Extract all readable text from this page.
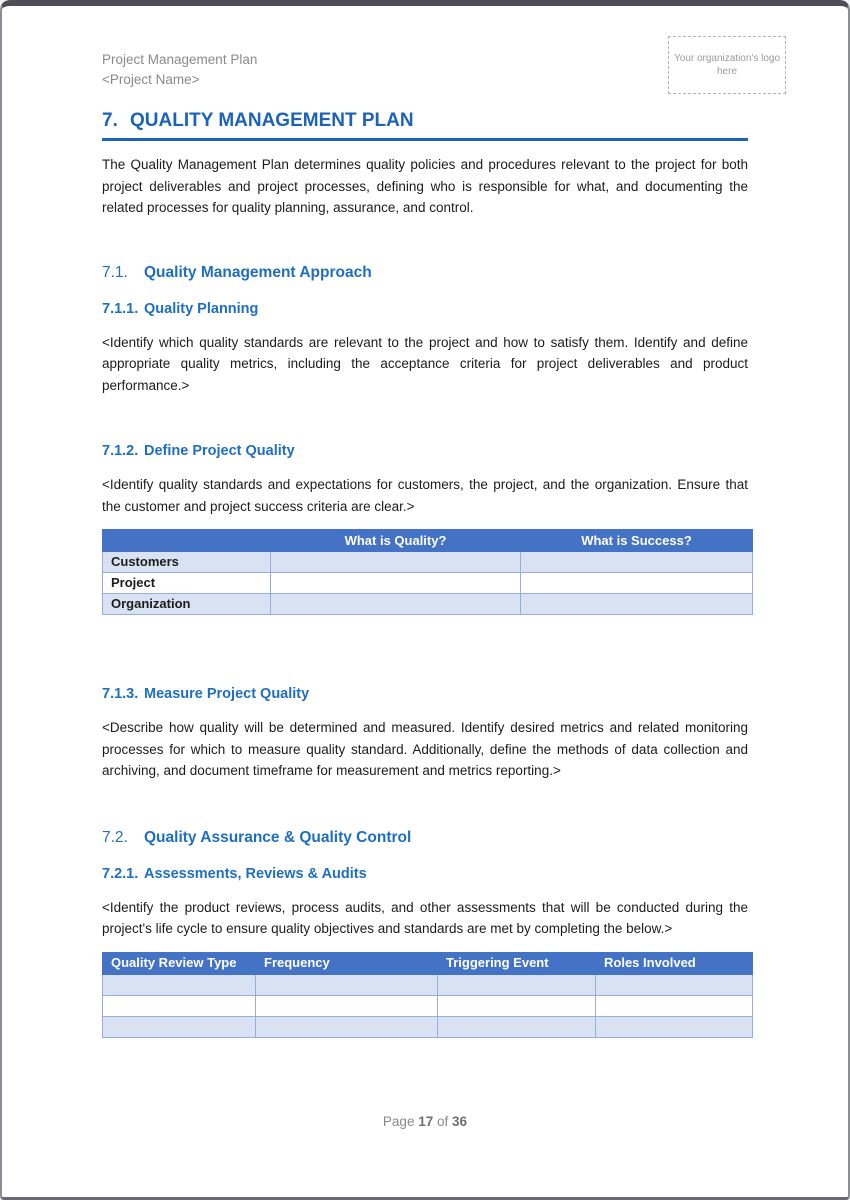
Project Management Plan
<Project Name>
Your organization's logo here
7. QUALITY MANAGEMENT PLAN
The Quality Management Plan determines quality policies and procedures relevant to the project for both project deliverables and project processes, defining who is responsible for what, and documenting the related processes for quality planning, assurance, and control.
7.1. Quality Management Approach
7.1.1. Quality Planning
<Identify which quality standards are relevant to the project and how to satisfy them. Identify and define appropriate quality metrics, including the acceptance criteria for project deliverables and product performance.>
7.1.2. Define Project Quality
<Identify quality standards and expectations for customers, the project, and the organization. Ensure that the customer and project success criteria are clear.>
	What is Quality?	What is Success?
Customers		
Project		
Organization		
7.1.3. Measure Project Quality
<Describe how quality will be determined and measured. Identify desired metrics and related monitoring processes for which to measure quality standard. Additionally, define the methods of data collection and archiving, and document timeframe for measurement and metrics reporting.>
7.2. Quality Assurance & Quality Control
7.2.1. Assessments, Reviews & Audits
<Identify the product reviews, process audits, and other assessments that will be conducted during the project's life cycle to ensure quality objectives and standards are met by completing the below.>
Quality Review Type	Frequency	Triggering Event	Roles Involved

Page 17 of 36
